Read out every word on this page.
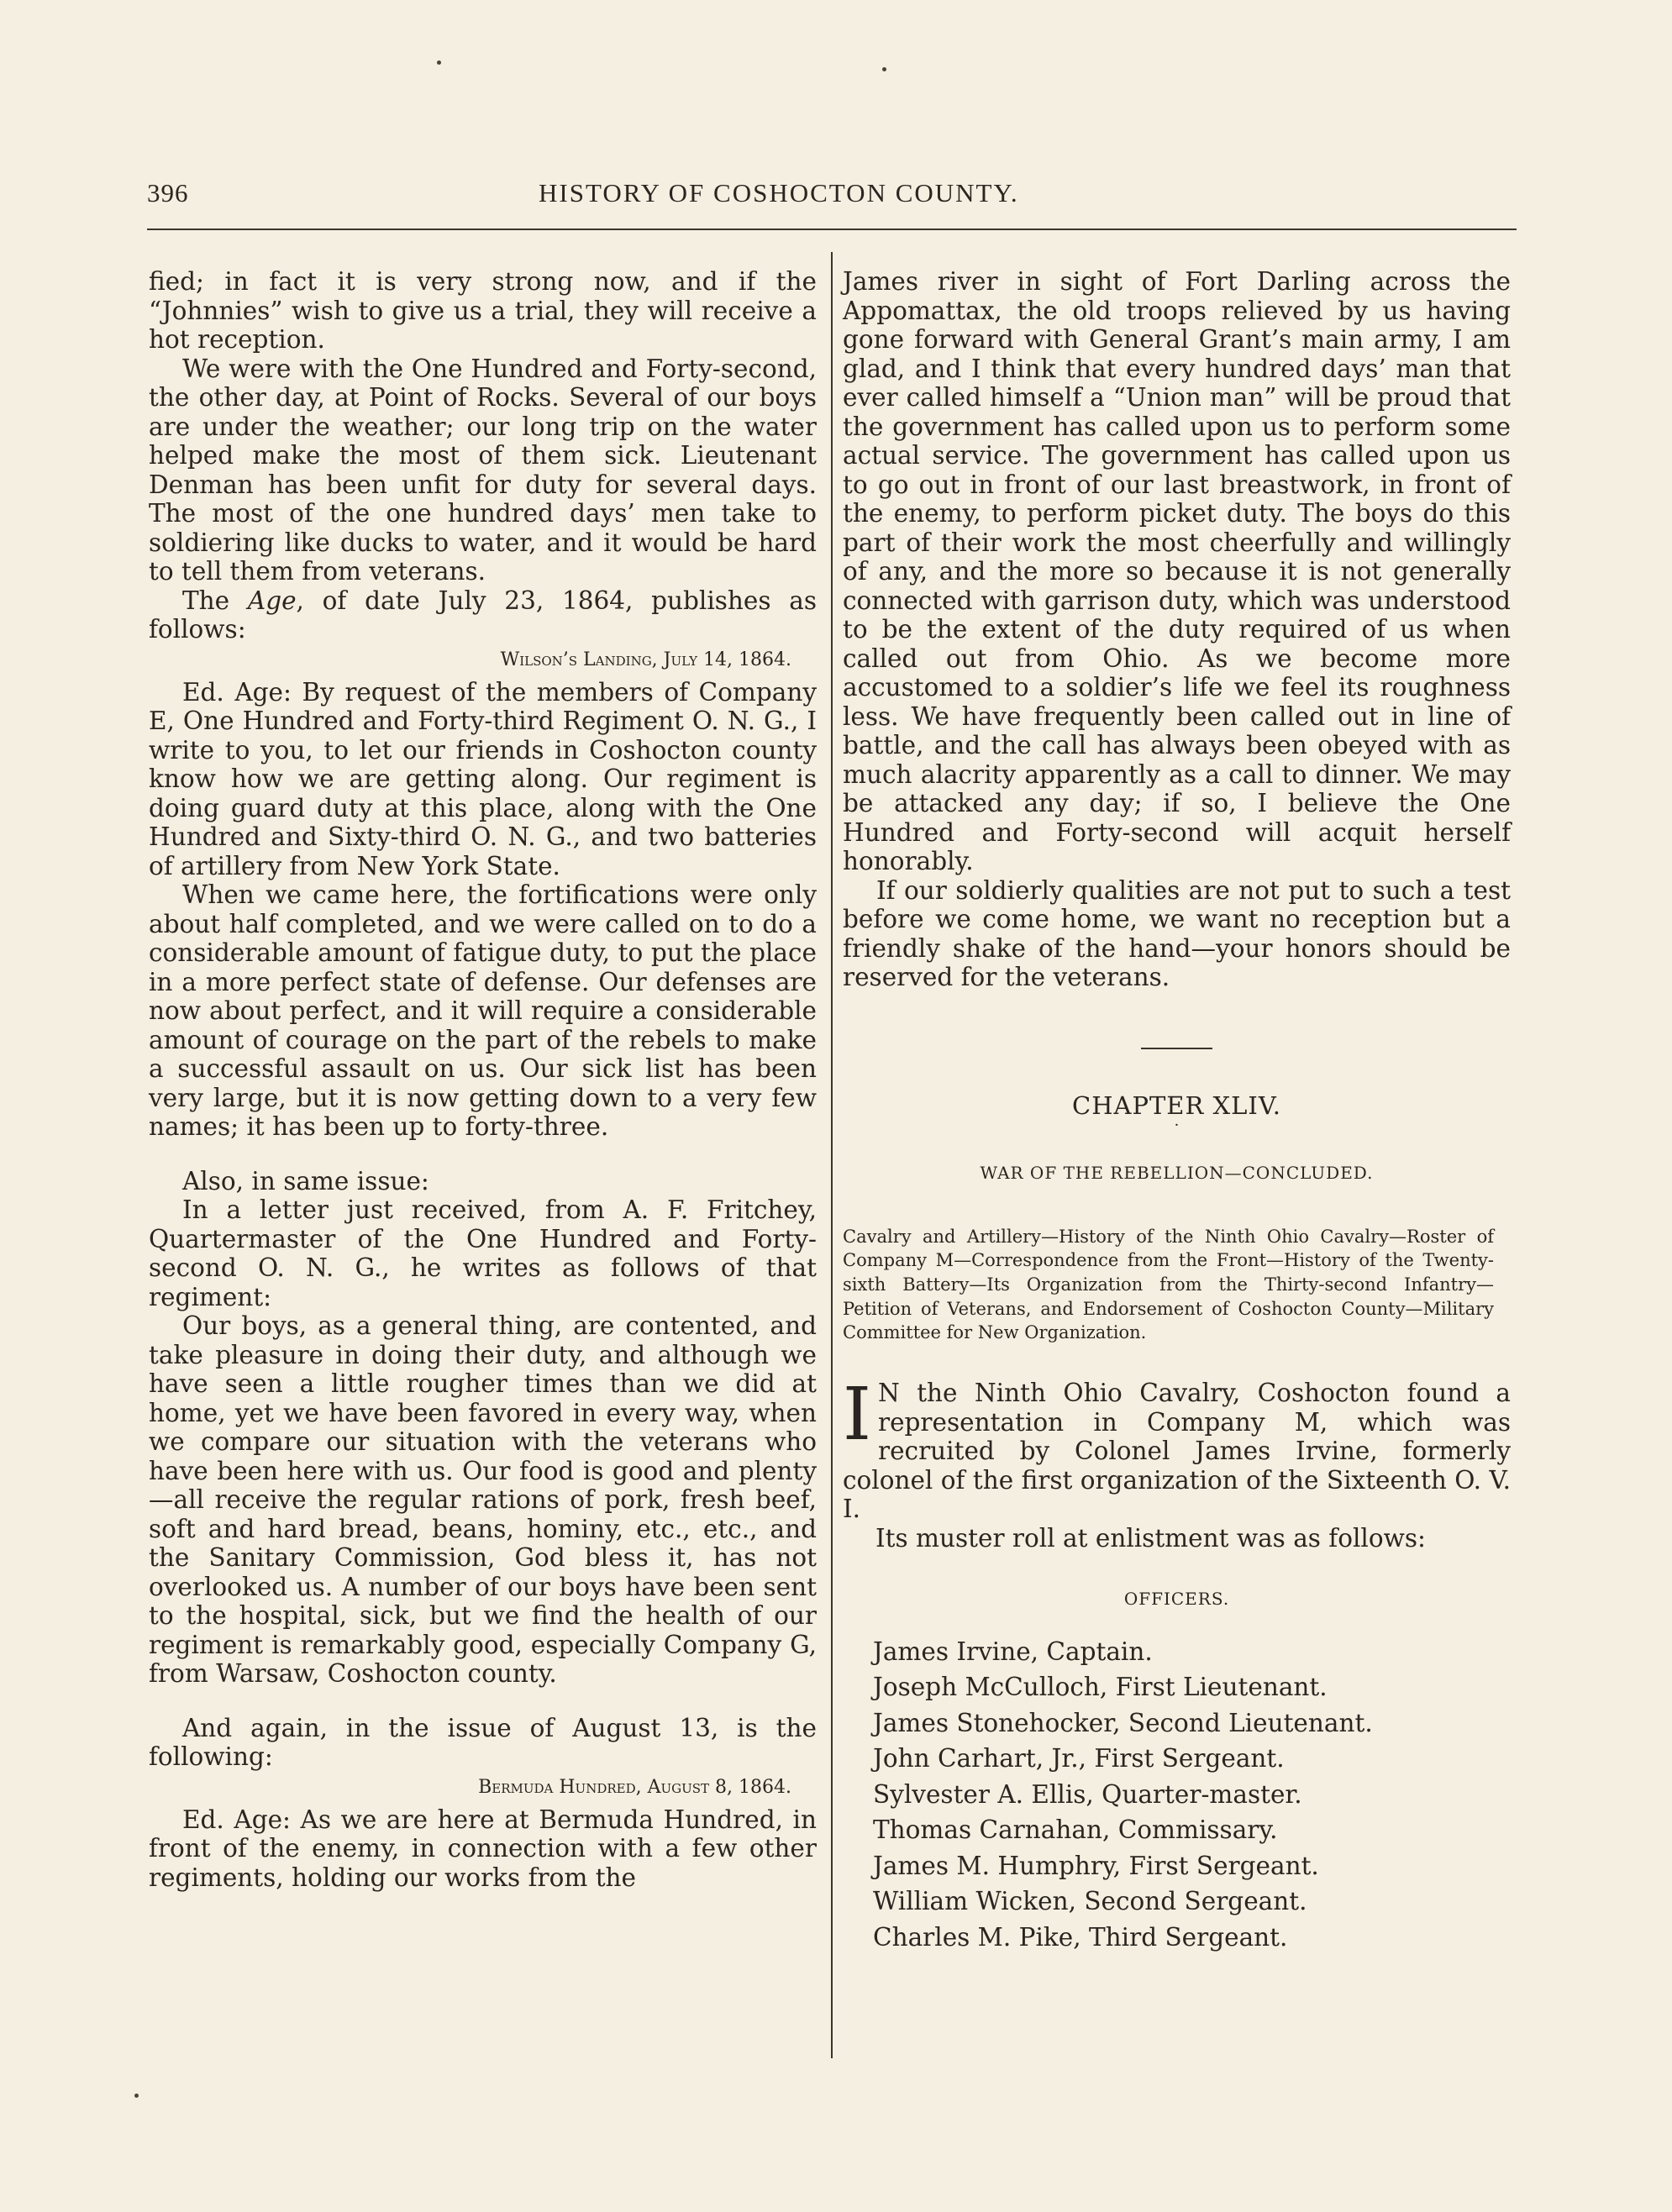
396	HISTORY OF COSHOCTON COUNTY.

fied; in fact it is very strong now, and if the “Johnnies” wish to give us a trial, they will receive a hot reception.

We were with the One Hundred and Forty-second, the other day, at Point of Rocks. Several of our boys are under the weather; our long trip on the water helped make the most of them sick. Lieutenant Denman has been unfit for duty for several days. The most of the one hundred days’ men take to soldiering like ducks to water, and it would be hard to tell them from veterans.

The Age, of date July 23, 1864, publishes as follows:

Wilson’s Landing, July 14, 1864.

Ed. Age: By request of the members of Company E, One Hundred and Forty-third Regiment O. N. G., I write to you, to let our friends in Coshocton county know how we are getting along. Our regiment is doing guard duty at this place, along with the One Hundred and Sixty-third O. N. G., and two batteries of artillery from New York State.

When we came here, the fortifications were only about half completed, and we were called on to do a considerable amount of fatigue duty, to put the place in a more perfect state of defense. Our defenses are now about perfect, and it will require a considerable amount of courage on the part of the rebels to make a successful assault on us. Our sick list has been very large, but it is now getting down to a very few names; it has been up to forty-three.

Also, in same issue:

In a letter just received, from A. F. Fritchey, Quartermaster of the One Hundred and Forty-second O. N. G., he writes as follows of that regiment:

Our boys, as a general thing, are contented, and take pleasure in doing their duty, and although we have seen a little rougher times than we did at home, yet we have been favored in every way, when we compare our situation with the veterans who have been here with us. Our food is good and plenty—all receive the regular rations of pork, fresh beef, soft and hard bread, beans, hominy, etc., etc., and the Sanitary Commission, God bless it, has not overlooked us. A number of our boys have been sent to the hospital, sick, but we find the health of our regiment is remarkably good, especially Company G, from Warsaw, Coshocton county.

And again, in the issue of August 13, is the following:

Bermuda Hundred, August 8, 1864.

Ed. Age: As we are here at Bermuda Hundred, in front of the enemy, in connection with a few other regiments, holding our works from the

James river in sight of Fort Darling across the Appomattax, the old troops relieved by us having gone forward with General Grant’s main army, I am glad, and I think that every hundred days’ man that ever called himself a “Union man” will be proud that the government has called upon us to perform some actual service. The government has called upon us to go out in front of our last breastwork, in front of the enemy, to perform picket duty. The boys do this part of their work the most cheerfully and willingly of any, and the more so because it is not generally connected with garrison duty, which was understood to be the extent of the duty required of us when called out from Ohio. As we become more accustomed to a soldier’s life we feel its roughness less. We have frequently been called out in line of battle, and the call has always been obeyed with as much alacrity apparently as a call to dinner. We may be attacked any day; if so, I believe the One Hundred and Forty-second will acquit herself honorably.

If our soldierly qualities are not put to such a test before we come home, we want no reception but a friendly shake of the hand—your honors should be reserved for the veterans.

CHAPTER XLIV.

·

WAR OF THE REBELLION—CONCLUDED.

Cavalry and Artillery—History of the Ninth Ohio Cavalry—Roster of Company M—Correspondence from the Front—History of the Twenty-sixth Battery—Its Organization from the Thirty-second Infantry—Petition of Veterans, and Endorsement of Coshocton County—Military Committee for New Organization.

I N the Ninth Ohio Cavalry, Coshocton found a representation in Company M, which was recruited by Colonel James Irvine, formerly colonel of the first organization of the Sixteenth O. V. I.

Its muster roll at enlistment was as follows:

OFFICERS.

James Irvine, Captain.
Joseph McCulloch, First Lieutenant.
James Stonehocker, Second Lieutenant.
John Carhart, Jr., First Sergeant.
Sylvester A. Ellis, Quarter-master.
Thomas Carnahan, Commissary.
James M. Humphry, First Sergeant.
William Wicken, Second Sergeant.
Charles M. Pike, Third Sergeant.
